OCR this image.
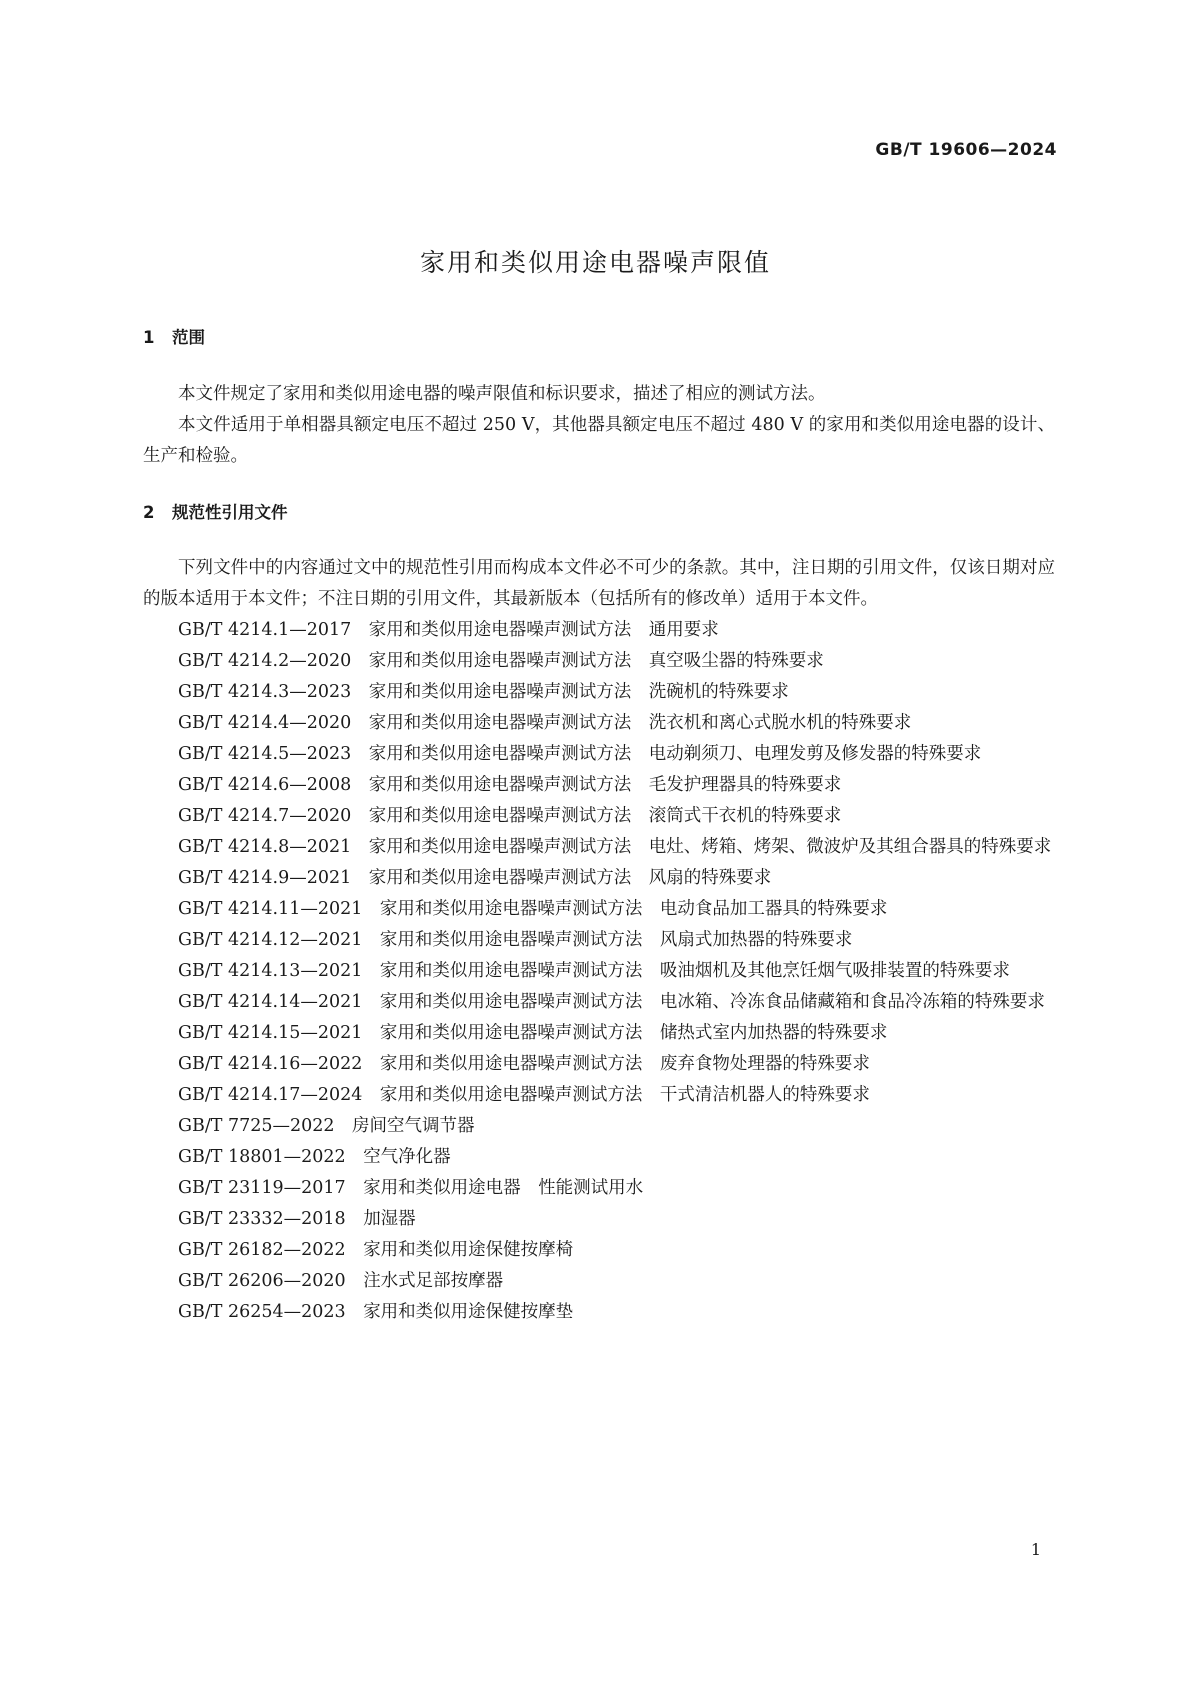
GB/T 19606—2024
家用和类似用途电器噪声限值
1 范围

本文件规定了家用和类似用途电器的噪声限值和标识要求，描述了相应的测试方法。

本文件适用于单相器具额定电压不超过 250 V，其他器具额定电压不超过 480 V 的家用和类似用途电器的设计、生产和检验。

2 规范性引用文件

下列文件中的内容通过文中的规范性引用而构成本文件必不可少的条款。其中，注日期的引用文件，仅该日期对应的版本适用于本文件；不注日期的引用文件，其最新版本（包括所有的修改单）适用于本文件。

GB/T 4214.1—2017 家用和类似用途电器噪声测试方法 通用要求
GB/T 4214.2—2020 家用和类似用途电器噪声测试方法 真空吸尘器的特殊要求
GB/T 4214.3—2023 家用和类似用途电器噪声测试方法 洗碗机的特殊要求
GB/T 4214.4—2020 家用和类似用途电器噪声测试方法 洗衣机和离心式脱水机的特殊要求
GB/T 4214.5—2023 家用和类似用途电器噪声测试方法 电动剃须刀、电理发剪及修发器的特殊要求
GB/T 4214.6—2008 家用和类似用途电器噪声测试方法 毛发护理器具的特殊要求
GB/T 4214.7—2020 家用和类似用途电器噪声测试方法 滚筒式干衣机的特殊要求
GB/T 4214.8—2021 家用和类似用途电器噪声测试方法 电灶、烤箱、烤架、微波炉及其组合器具的特殊要求
GB/T 4214.9—2021 家用和类似用途电器噪声测试方法 风扇的特殊要求
GB/T 4214.11—2021 家用和类似用途电器噪声测试方法 电动食品加工器具的特殊要求
GB/T 4214.12—2021 家用和类似用途电器噪声测试方法 风扇式加热器的特殊要求
GB/T 4214.13—2021 家用和类似用途电器噪声测试方法 吸油烟机及其他烹饪烟气吸排装置的特殊要求
GB/T 4214.14—2021 家用和类似用途电器噪声测试方法 电冰箱、冷冻食品储藏箱和食品冷冻箱的特殊要求
GB/T 4214.15—2021 家用和类似用途电器噪声测试方法 储热式室内加热器的特殊要求
GB/T 4214.16—2022 家用和类似用途电器噪声测试方法 废弃食物处理器的特殊要求
GB/T 4214.17—2024 家用和类似用途电器噪声测试方法 干式清洁机器人的特殊要求
GB/T 7725—2022 房间空气调节器
GB/T 18801—2022 空气净化器
GB/T 23119—2017 家用和类似用途电器 性能测试用水
GB/T 23332—2018 加湿器
GB/T 26182—2022 家用和类似用途保健按摩椅
GB/T 26206—2020 注水式足部按摩器
GB/T 26254—2023 家用和类似用途保健按摩垫
1
